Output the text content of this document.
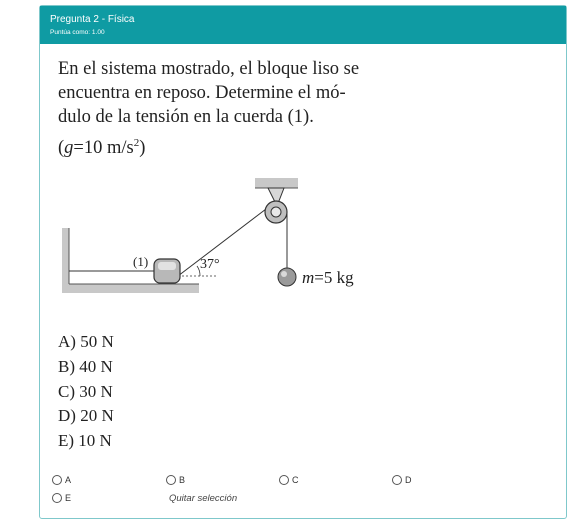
Pregunta 2 - Física
Puntúa como: 1.00

En el sistema mostrado, el bloque liso se

encuentra en reposo. Determine el mó-

dulo de la tensión en la cuerda (1).

(g=10 $m/s^2$)
(1)	37°
m=5 kg
A) 50 N
B) 40 N
C) 30 N
D) 20 N
E) 10 N
A	B	C	D
E	Quitar selección
